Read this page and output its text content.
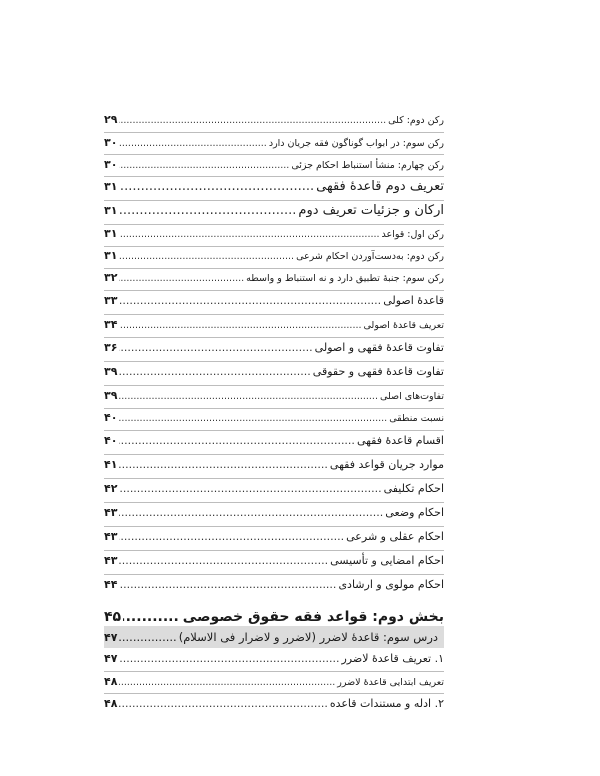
رکن دوم: کلی
.....
۲۹
رکن سوم: در ابواب گوناگون فقه جریان دارد
.....
۳۰
رکن چهارم: منشأ استنباط احکام جزئی
.....
۳۰
تعریف دوم قاعدۀ فقهی
.....
۳۱
ارکان و جزئیات تعریف دوم
.....
۳۱
رکن اول: قواعد
.....
۳۱
رکن دوم: به‌دست‌آوردن احکام شرعی
.....
۳۱
رکن سوم: جنبۀ تطبیق دارد و نه استنباط و واسطه
.....
۳۲
قاعدۀ اصولی
.....
۳۳
تعریف قاعدۀ اصولی
.....
۳۴
تفاوت قاعدۀ فقهی و اصولی
.....
۳۶
تفاوت قاعدۀ فقهی و حقوقی
.....
۳۹
تفاوت‌های اصلی
.....
۳۹
نسبت منطقی
.....
۴۰
اقسام قاعدۀ فقهی
.....
۴۰
موارد جریان قواعد فقهی
.....
۴۱
احکام تکلیفی
.....
۴۲
احکام وضعی
.....
۴۳
احکام عقلی و شرعی
.....
۴۳
احکام امضایی و تأسیسی
.....
۴۳
احکام مولوی و ارشادی
.....
۴۴
بخش دوم: قواعد فقه حقوق خصوصی
.....
۴۵
درس سوم: قاعدۀ لاضرر (لاضرر و لاضرار فی الاسلام)
.....
۴۷
۱. تعریف قاعدۀ لاضرر
.....
۴۷
تعریف ابتدایی قاعدۀ لاضرر
.....
۴۸
۲. ادله و مستندات قاعده
.....
۴۸
